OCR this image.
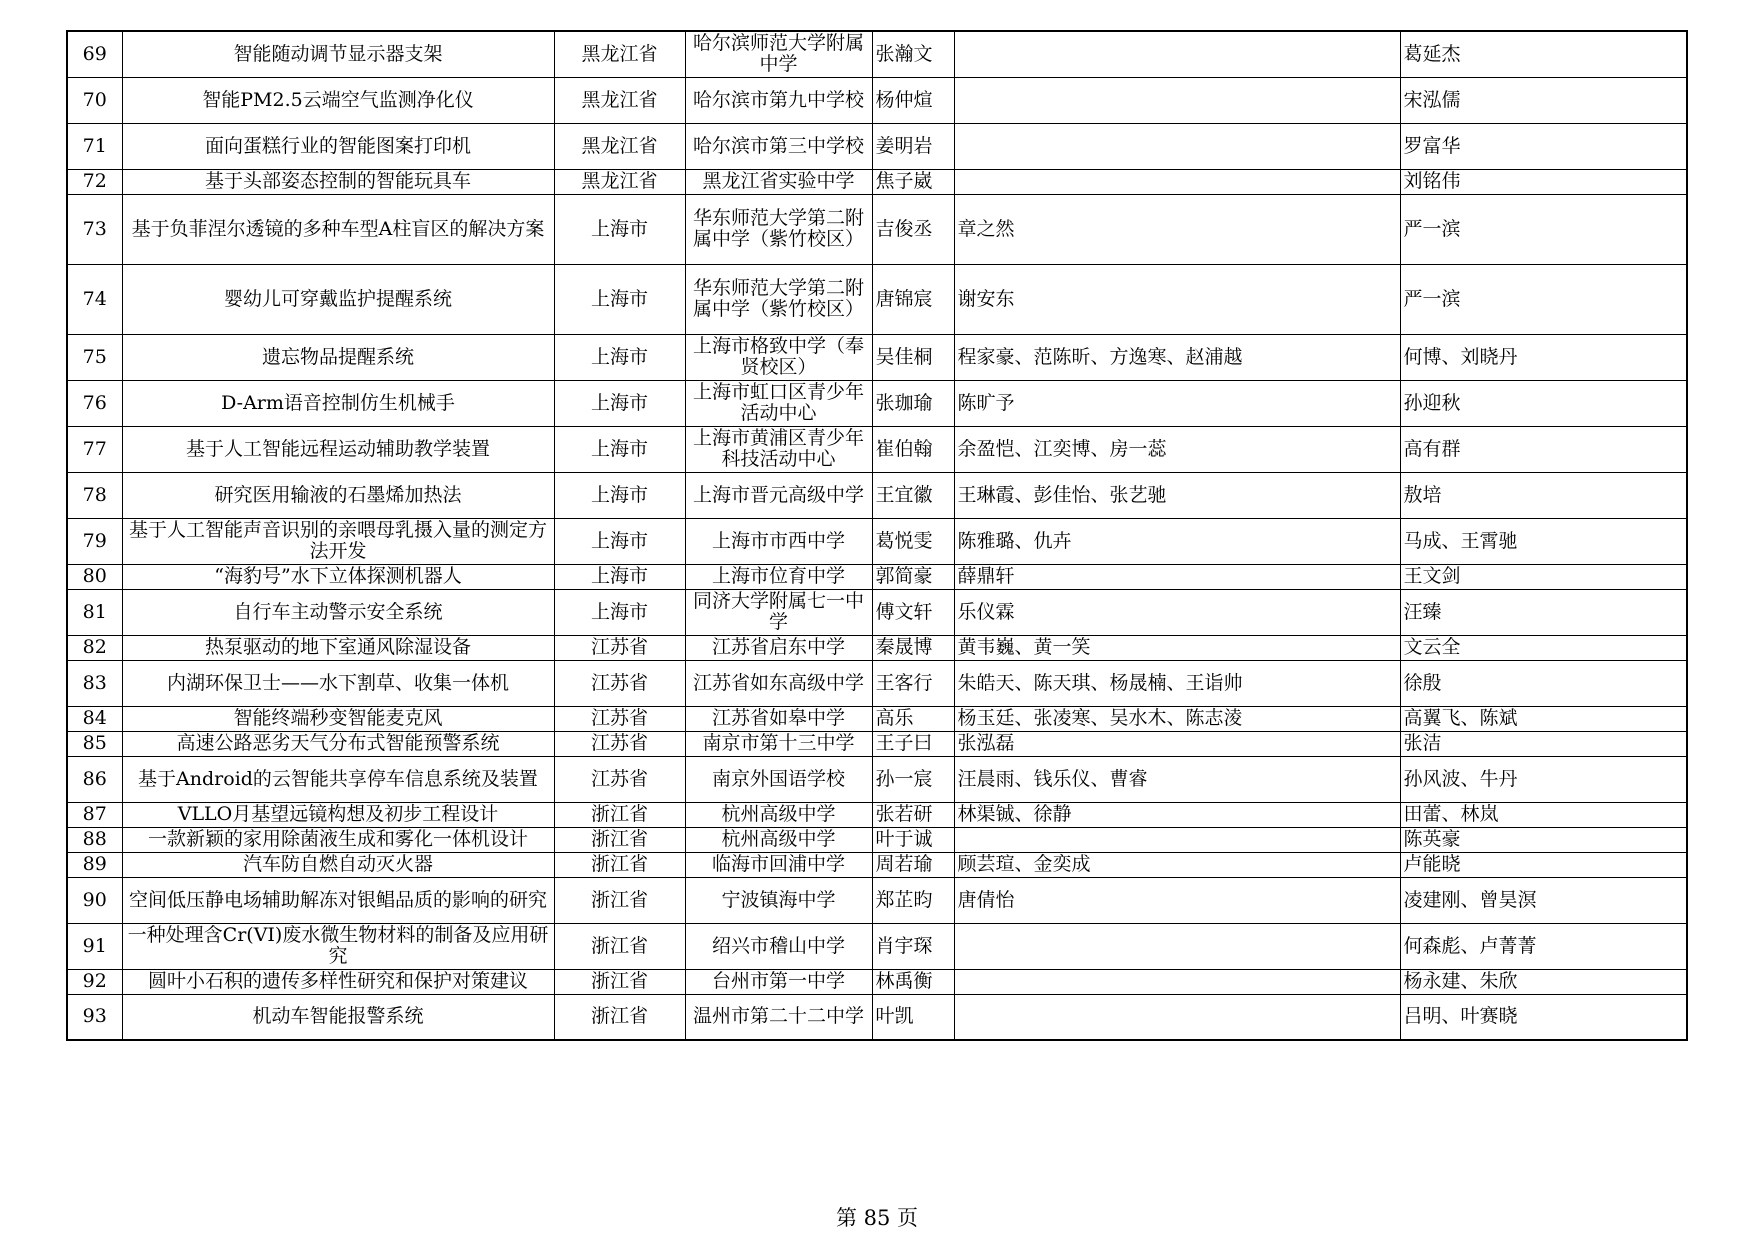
69	智能随动调节显示器支架	黑龙江省	哈尔滨师范大学附属中学	张瀚文		葛延杰
70	智能PM2.5云端空气监测净化仪	黑龙江省	哈尔滨市第九中学校	杨仲煊		宋泓儒
71	面向蛋糕行业的智能图案打印机	黑龙江省	哈尔滨市第三中学校	姜明岩		罗富华
72	基于头部姿态控制的智能玩具车	黑龙江省	黑龙江省实验中学	焦子崴		刘铭伟
73	基于负菲涅尔透镜的多种车型A柱盲区的解决方案	上海市	华东师范大学第二附属中学（紫竹校区）	吉俊丞	章之然	严一滨
74	婴幼儿可穿戴监护提醒系统	上海市	华东师范大学第二附属中学（紫竹校区）	唐锦宸	谢安东	严一滨
75	遗忘物品提醒系统	上海市	上海市格致中学（奉贤校区）	吴佳桐	程家豪、范陈昕、方逸寒、赵浦越	何博、刘晓丹
76	D-Arm语音控制仿生机械手	上海市	上海市虹口区青少年活动中心	张珈瑜	陈旷予	孙迎秋
77	基于人工智能远程运动辅助教学装置	上海市	上海市黄浦区青少年科技活动中心	崔伯翰	余盈恺、江奕博、房一蕊	高有群
78	研究医用输液的石墨烯加热法	上海市	上海市晋元高级中学	王宜徽	王琳霞、彭佳怡、张艺驰	敖培
79	基于人工智能声音识别的亲喂母乳摄入量的测定方法开发	上海市	上海市市西中学	葛悦雯	陈雅璐、仇卉	马成、王霄驰
80	“海豹号”水下立体探测机器人	上海市	上海市位育中学	郭简豪	薛鼎轩	王文剑
81	自行车主动警示安全系统	上海市	同济大学附属七一中学	傅文轩	乐仪霖	汪臻
82	热泵驱动的地下室通风除湿设备	江苏省	江苏省启东中学	秦晟博	黄韦巍、黄一笑	文云全
83	内湖环保卫士——水下割草、收集一体机	江苏省	江苏省如东高级中学	王客行	朱皓天、陈天琪、杨晟楠、王诣帅	徐殷
84	智能终端秒变智能麦克风	江苏省	江苏省如皋中学	高乐	杨玉廷、张凌寒、吴水木、陈志淩	高翼飞、陈斌
85	高速公路恶劣天气分布式智能预警系统	江苏省	南京市第十三中学	王子曰	张泓磊	张洁
86	基于Android的云智能共享停车信息系统及装置	江苏省	南京外国语学校	孙一宸	汪晨雨、钱乐仪、曹睿	孙风波、牛丹
87	VLLO月基望远镜构想及初步工程设计	浙江省	杭州高级中学	张若研	林渠铖、徐静	田蕾、林岚
88	一款新颖的家用除菌液生成和雾化一体机设计	浙江省	杭州高级中学	叶于诚		陈英豪
89	汽车防自燃自动灭火器	浙江省	临海市回浦中学	周若瑜	顾芸瑄、金奕成	卢能晓
90	空间低压静电场辅助解冻对银鲳品质的影响的研究	浙江省	宁波镇海中学	郑芷昀	唐倩怡	凌建刚、曾昊溟
91	一种处理含Cr(VI)废水微生物材料的制备及应用研究	浙江省	绍兴市稽山中学	肖宇琛		何森彪、卢菁菁
92	圆叶小石积的遗传多样性研究和保护对策建议	浙江省	台州市第一中学	林禹衡		杨永建、朱欣
93	机动车智能报警系统	浙江省	温州市第二十二中学	叶凯		吕明、叶赛晓
第 85 页
